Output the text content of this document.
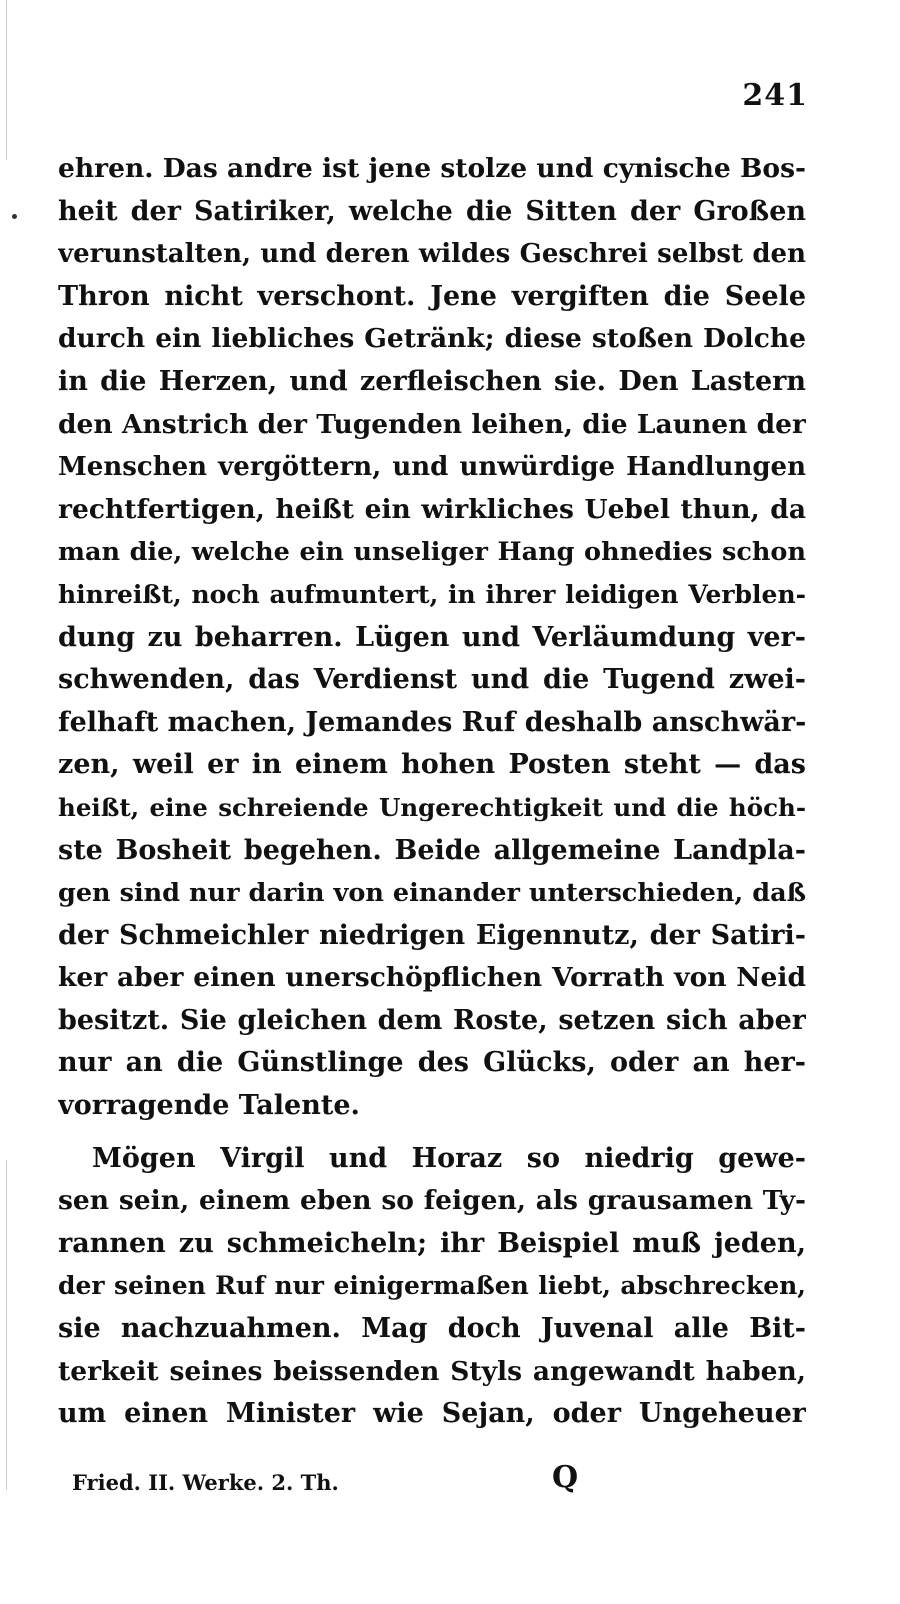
241
ehren. Das andre ist jene stolze und cynische Bos-
heit der Satiriker, welche die Sitten der Großen
verunstalten, und deren wildes Geschrei selbst den
Thron nicht verschont. Jene vergiften die Seele
durch ein liebliches Getränk; diese stoßen Dolche
in die Herzen, und zerfleischen sie. Den Lastern
den Anstrich der Tugenden leihen, die Launen der
Menschen vergöttern, und unwürdige Handlungen
rechtfertigen, heißt ein wirkliches Uebel thun, da
man die, welche ein unseliger Hang ohnedies schon
hinreißt, noch aufmuntert, in ihrer leidigen Verblen-
dung zu beharren. Lügen und Verläumdung ver-
schwenden, das Verdienst und die Tugend zwei-
felhaft machen, Jemandes Ruf deshalb anschwär-
zen, weil er in einem hohen Posten steht — das
heißt, eine schreiende Ungerechtigkeit und die höch-
ste Bosheit begehen. Beide allgemeine Landpla-
gen sind nur darin von einander unterschieden, daß
der Schmeichler niedrigen Eigennutz, der Satiri-
ker aber einen unerschöpflichen Vorrath von Neid
besitzt. Sie gleichen dem Roste, setzen sich aber
nur an die Günstlinge des Glücks, oder an her-
vorragende Talente.
Mögen Virgil und Horaz so niedrig gewe-
sen sein, einem eben so feigen, als grausamen Ty-
rannen zu schmeicheln; ihr Beispiel muß jeden,
der seinen Ruf nur einigermaßen liebt, abschrecken,
sie nachzuahmen. Mag doch Juvenal alle Bit-
terkeit seines beissenden Styls angewandt haben,
um einen Minister wie Sejan, oder Ungeheuer
Fried. II. Werke. 2. Th.	Q
